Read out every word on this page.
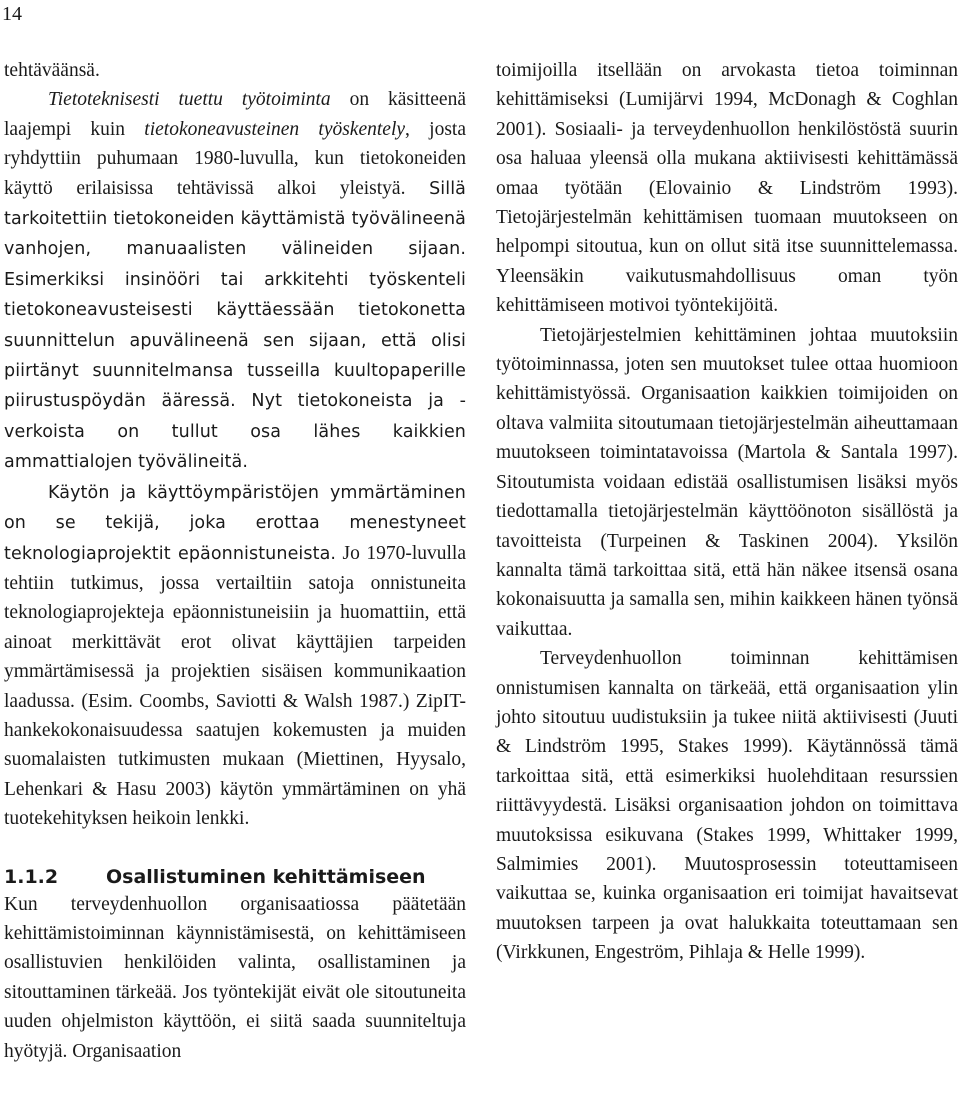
14

tehtäväänsä.

Tietoteknisesti tuettu työtoiminta on käsitteenä laajempi kuin tietokoneavusteinen työskentely, josta ryhdyttiin puhumaan 1980-luvulla, kun tietokoneiden käyttö erilaisissa tehtävissä alkoi yleistyä. Sillä tarkoitettiin tietokoneiden käyttämistä työvälineenä vanhojen, manuaalisten välineiden sijaan. Esimerkiksi insinööri tai arkkitehti työskenteli tietokoneavusteisesti käyttäessään tietokonetta suunnittelun apuvälineenä sen sijaan, että olisi piirtänyt suunnitelmansa tusseilla kuultopaperille piirustuspöydän ääressä. Nyt tietokoneista ja -verkoista on tullut osa lähes kaikkien ammattialojen työvälineitä.

Käytön ja käyttöympäristöjen ymmärtäminen on se tekijä, joka erottaa menestyneet teknologiaprojektit epäonnistuneista. Jo 1970-luvulla tehtiin tutkimus, jossa vertailtiin satoja onnistuneita teknologiaprojekteja epäonnistuneisiin ja huomattiin, että ainoat merkittävät erot olivat käyttäjien tarpeiden ymmärtämisessä ja projektien sisäisen kommunikaation laadussa. (Esim. Coombs, Saviotti & Walsh 1987.) ZipIT-hankekokonaisuudessa saatujen kokemusten ja muiden suomalaisten tutkimusten mukaan (Miettinen, Hyysalo, Lehenkari & Hasu 2003) käytön ymmärtäminen on yhä tuotekehityksen heikoin lenkki.

1.1.2	Osallistuminen kehittämiseen

Kun terveydenhuollon organisaatiossa päätetään kehittämistoiminnan käynnistämisestä, on kehittämiseen osallistuvien henkilöiden valinta, osallistaminen ja sitouttaminen tärkeää. Jos työntekijät eivät ole sitoutuneita uuden ohjelmiston käyttöön, ei siitä saada suunniteltuja hyötyjä. Organisaation

toimijoilla itsellään on arvokasta tietoa toiminnan kehittämiseksi (Lumijärvi 1994, McDonagh & Coghlan 2001). Sosiaali- ja terveydenhuollon henkilöstöstä suurin osa haluaa yleensä olla mukana aktiivisesti kehittämässä omaa työtään (Elovainio & Lindström 1993). Tietojärjestelmän kehittämisen tuomaan muutokseen on helpompi sitoutua, kun on ollut sitä itse suunnittelemassa. Yleensäkin vaikutusmahdollisuus oman työn kehittämiseen motivoi työntekijöitä.

Tietojärjestelmien kehittäminen johtaa muutoksiin työtoiminnassa, joten sen muutokset tulee ottaa huomioon kehittämistyössä. Organisaation kaikkien toimijoiden on oltava valmiita sitoutumaan tietojärjestelmän aiheuttamaan muutokseen toimintatavoissa (Martola & Santala 1997). Sitoutumista voidaan edistää osallistumisen lisäksi myös tiedottamalla tietojärjestelmän käyttöönoton sisällöstä ja tavoitteista (Turpeinen & Taskinen 2004). Yksilön kannalta tämä tarkoittaa sitä, että hän näkee itsensä osana kokonaisuutta ja samalla sen, mihin kaikkeen hänen työnsä vaikuttaa.

Terveydenhuollon toiminnan kehittämisen onnistumisen kannalta on tärkeää, että organisaation ylin johto sitoutuu uudistuksiin ja tukee niitä aktiivisesti (Juuti & Lindström 1995, Stakes 1999). Käytännössä tämä tarkoittaa sitä, että esimerkiksi huolehditaan resurssien riittävyydestä. Lisäksi organisaation johdon on toimittava muutoksissa esikuvana (Stakes 1999, Whittaker 1999, Salmimies 2001). Muutosprosessin toteuttamiseen vaikuttaa se, kuinka organisaation eri toimijat havaitsevat muutoksen tarpeen ja ovat halukkaita toteuttamaan sen (Virkkunen, Engeström, Pihlaja & Helle 1999).
